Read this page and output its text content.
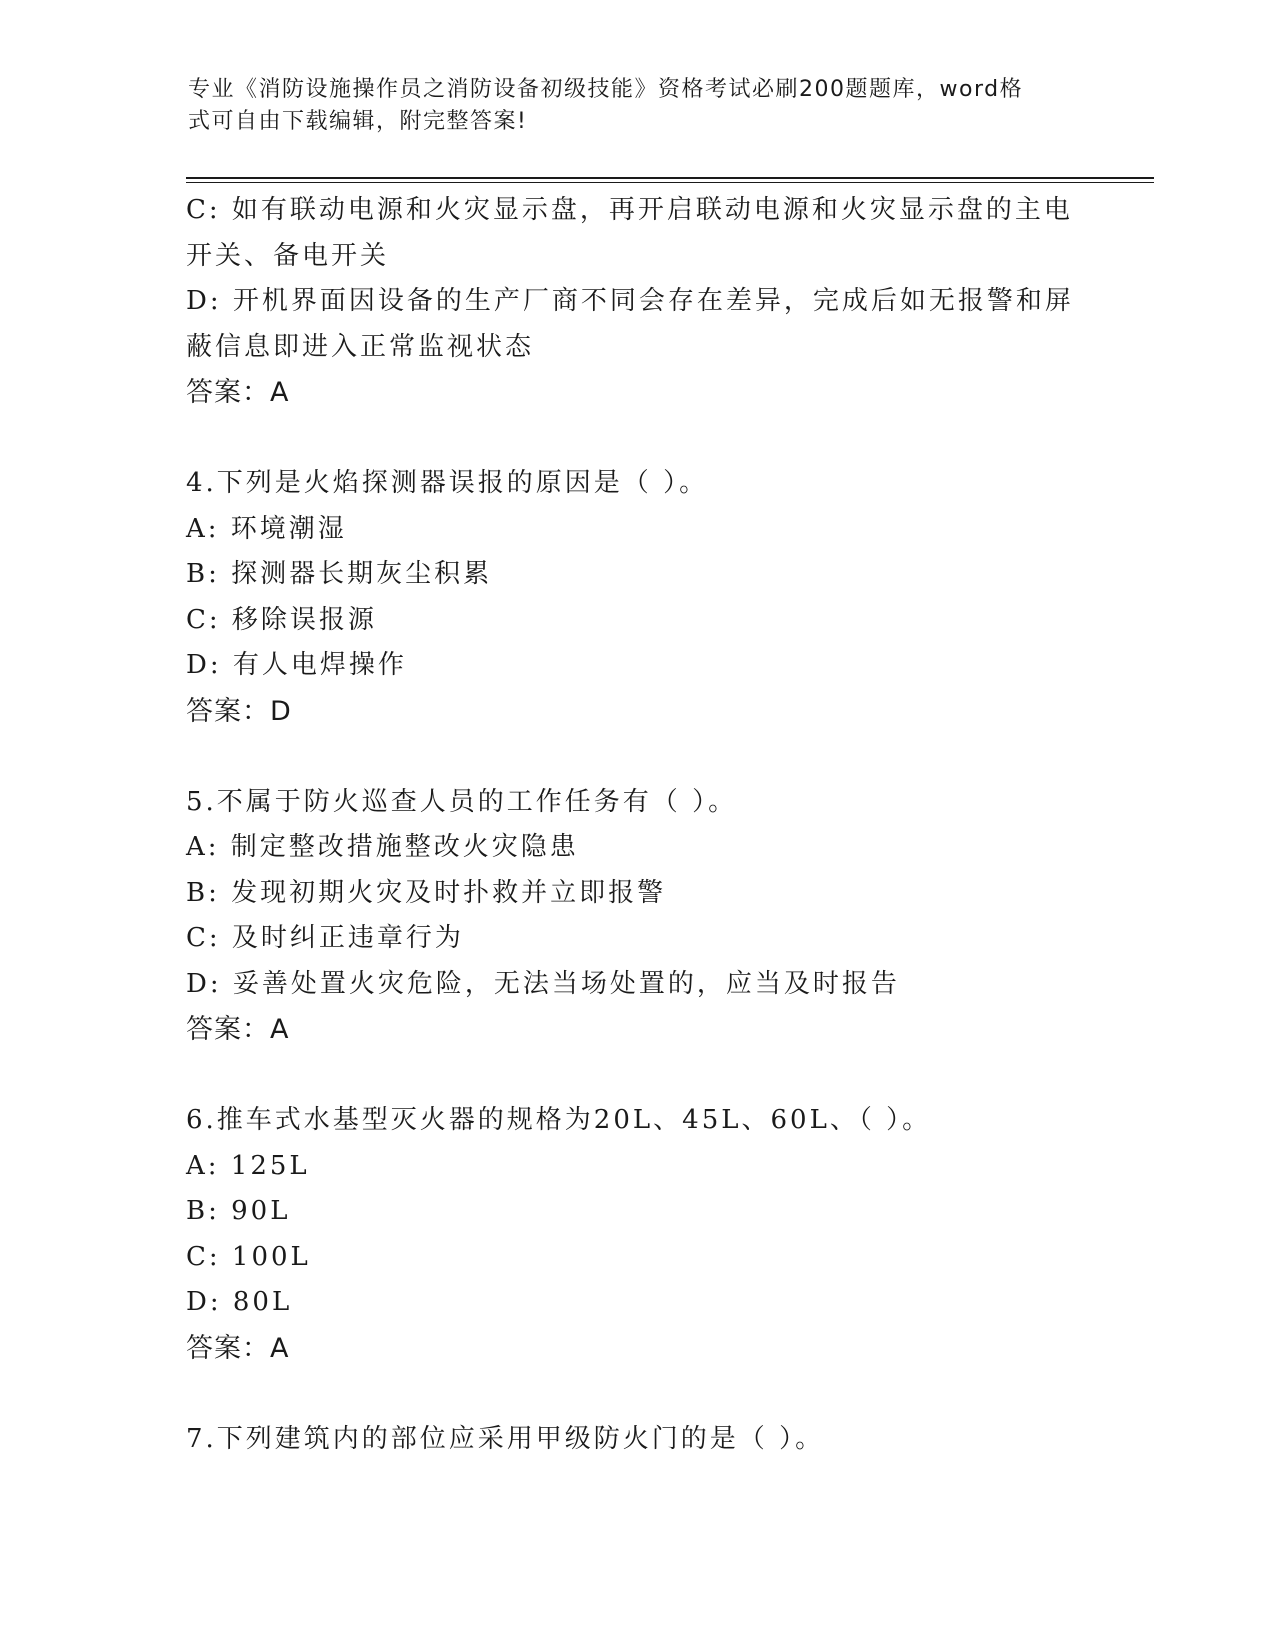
专业《消防设施操作员之消防设备初级技能》资格考试必刷200题题库，word格
式可自由下载编辑，附完整答案!
C: 如有联动电源和火灾显示盘，再开启联动电源和火灾显示盘的主电
开关、备电开关
D: 开机界面因设备的生产厂商不同会存在差异，完成后如无报警和屏
蔽信息即进入正常监视状态
答案：A
4.下列是火焰探测器误报的原因是（ ）。
A: 环境潮湿
B: 探测器长期灰尘积累
C: 移除误报源
D: 有人电焊操作
答案：D
5.不属于防火巡查人员的工作任务有（ ）。
A: 制定整改措施整改火灾隐患
B: 发现初期火灾及时扑救并立即报警
C: 及时纠正违章行为
D: 妥善处置火灾危险，无法当场处置的，应当及时报告
答案：A
6.推车式水基型灭火器的规格为20L、45L、60L、（ ）。
A: 125L
B: 90L
C: 100L
D: 80L
答案：A
7.下列建筑内的部位应采用甲级防火门的是（ ）。
